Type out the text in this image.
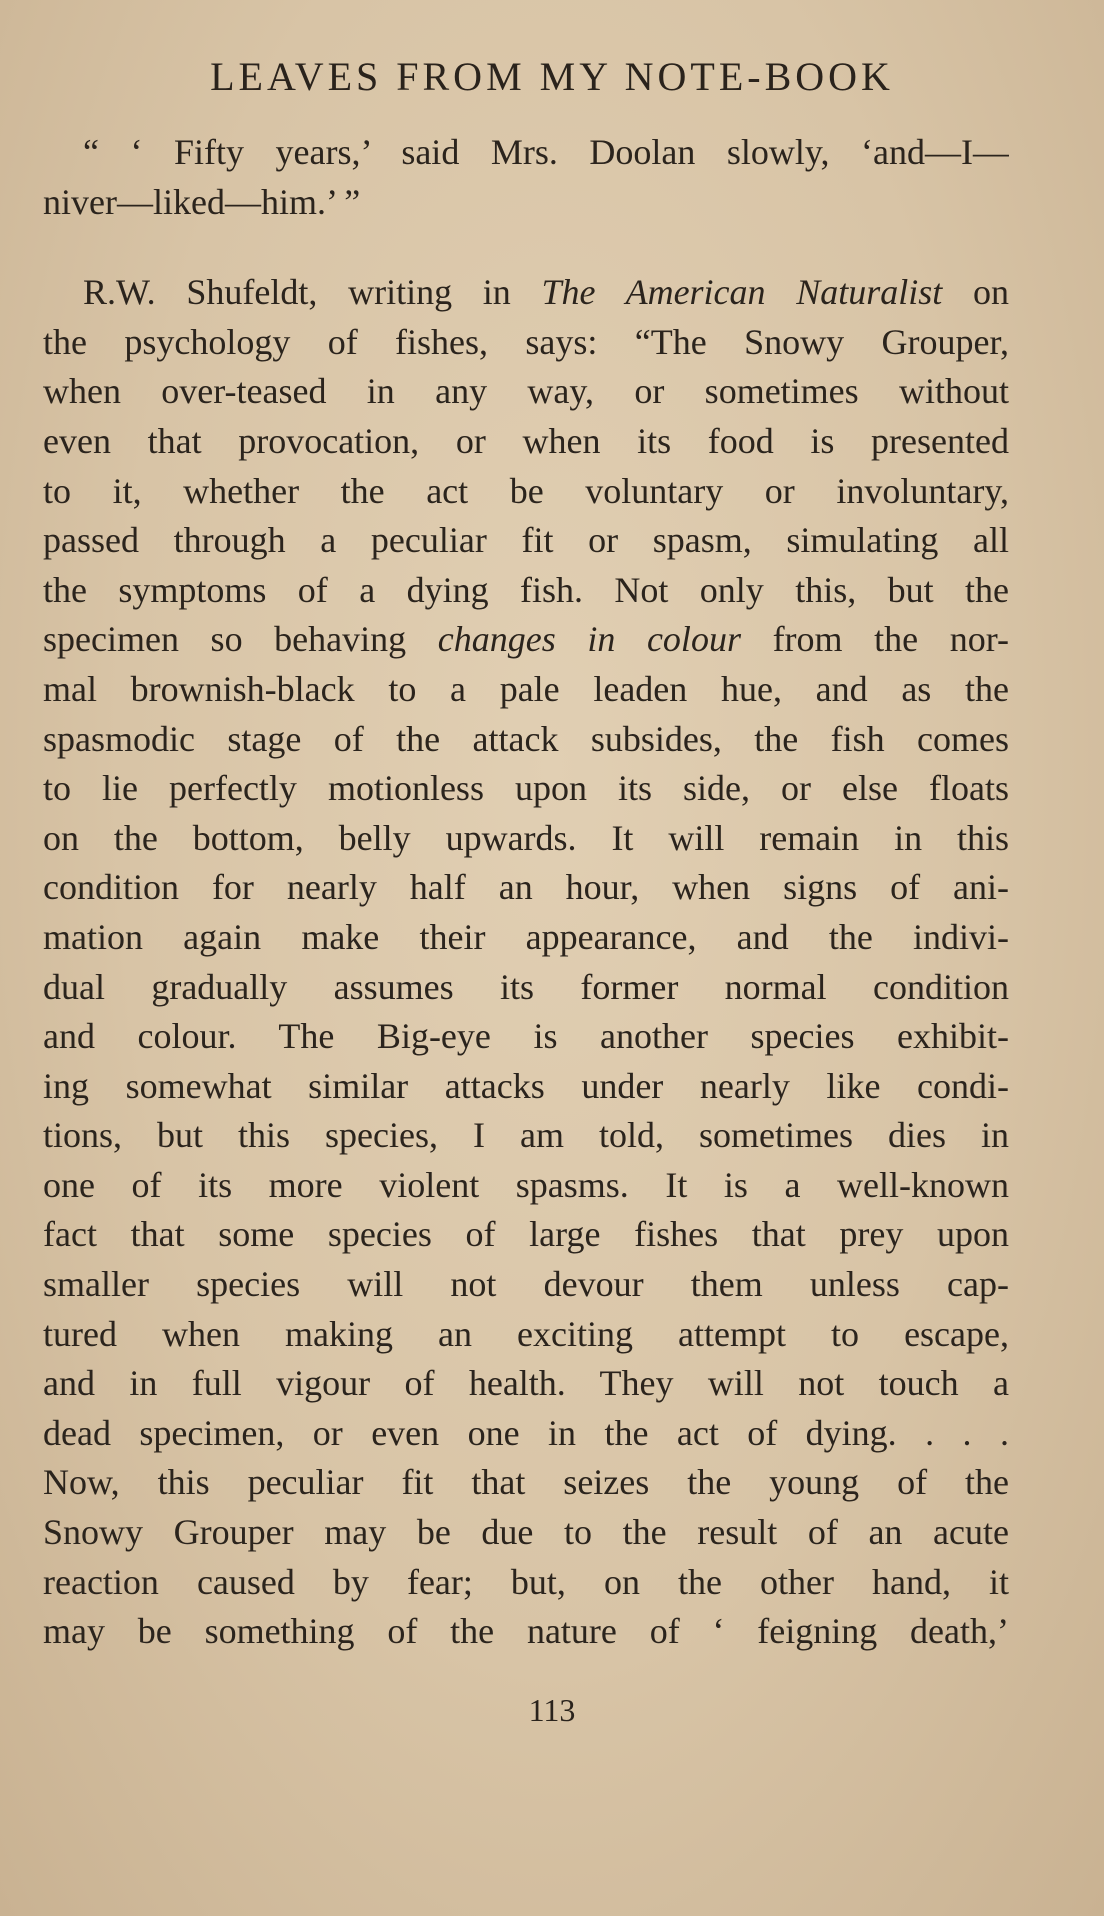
LEAVES FROM MY NOTE-BOOK
“ ‘ Fifty years,’ said Mrs. Doolan slowly, ‘and—I—
niver—liked—him.’ ”
R.W. Shufeldt, writing in The American Naturalist on
the psychology of fishes, says: “The Snowy Grouper,
when over-teased in any way, or sometimes without
even that provocation, or when its food is presented
to it, whether the act be voluntary or involuntary,
passed through a peculiar fit or spasm, simulating all
the symptoms of a dying fish. Not only this, but the
specimen so behaving changes in colour from the nor-
mal brownish-black to a pale leaden hue, and as the
spasmodic stage of the attack subsides, the fish comes
to lie perfectly motionless upon its side, or else floats
on the bottom, belly upwards. It will remain in this
condition for nearly half an hour, when signs of ani-
mation again make their appearance, and the indivi-
dual gradually assumes its former normal condition
and colour. The Big-eye is another species exhibit-
ing somewhat similar attacks under nearly like condi-
tions, but this species, I am told, sometimes dies in
one of its more violent spasms. It is a well-known
fact that some species of large fishes that prey upon
smaller species will not devour them unless cap-
tured when making an exciting attempt to escape,
and in full vigour of health. They will not touch a
dead specimen, or even one in the act of dying. . . .
Now, this peculiar fit that seizes the young of the
Snowy Grouper may be due to the result of an acute
reaction caused by fear; but, on the other hand, it
may be something of the nature of ‘ feigning death,’
113
